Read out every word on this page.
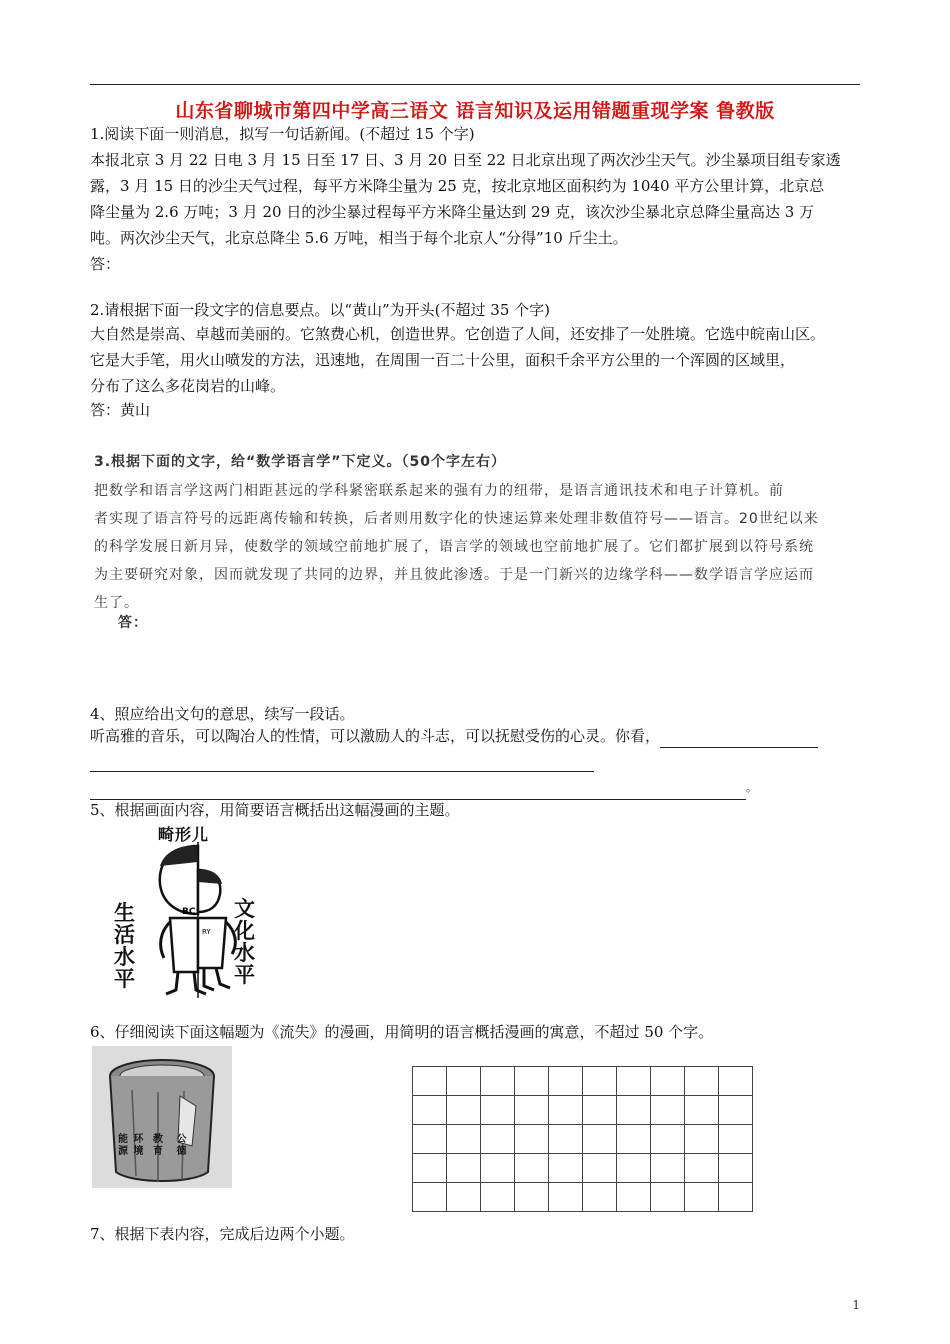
山东省聊城市第四中学高三语文 语言知识及运用错题重现学案 鲁教版
1.阅读下面一则消息，拟写一句话新闻。(不超过 15 个字)
本报北京 3 月 22 日电 3 月 15 日至 17 日、3 月 20 日至 22 日北京出现了两次沙尘天气。沙尘暴项目组专家透
露，3 月 15 日的沙尘天气过程，每平方米降尘量为 25 克，按北京地区面积约为 1040 平方公里计算，北京总
降尘量为 2.6 万吨；3 月 20 日的沙尘暴过程每平方米降尘量达到 29 克，该次沙尘暴北京总降尘量高达 3 万
吨。两次沙尘天气，北京总降尘 5.6 万吨，相当于每个北京人“分得”10 斤尘土。
答：
2.请根据下面一段文字的信息要点。以“黄山”为开头(不超过 35 个字)
大自然是崇高、卓越而美丽的。它煞费心机，创造世界。它创造了人间，还安排了一处胜境。它选中皖南山区。
它是大手笔，用火山喷发的方法，迅速地，在周围一百二十公里，面积千余平方公里的一个浑圆的区域里，
分布了这么多花岗岩的山峰。
答：黄山
3.根据下面的文字，给“数学语言学”下定义。（50个字左右）
把数学和语言学这两门相距甚远的学科紧密联系起来的强有力的纽带，是语言通讯技术和电子计算机。前
者实现了语言符号的远距离传输和转换，后者则用数字化的快速运算来处理非数值符号——语言。20世纪以来
的科学发展日新月异，使数学的领域空前地扩展了，语言学的领域也空前地扩展了。它们都扩展到以符号系统
为主要研究对象，因而就发现了共同的边界，并且彼此渗透。于是一门新兴的边缘学科——数学语言学应运而
生了。
答：
4、照应给出文句的意思，续写一段话。
听高雅的音乐，可以陶冶人的性情，可以激励人的斗志，可以抚慰受伤的心灵。你看，
。
5、根据画面内容，用简要语言概括出这幅漫画的主题。
畸形儿
BC
RY
生活水平
文化水平
6、仔细阅读下面这幅题为《流失》的漫画，用简明的语言概括漫画的寓意，不超过 50 个字。
能源 环境 教育 公德

7、根据下表内容，完成后边两个小题。
1
